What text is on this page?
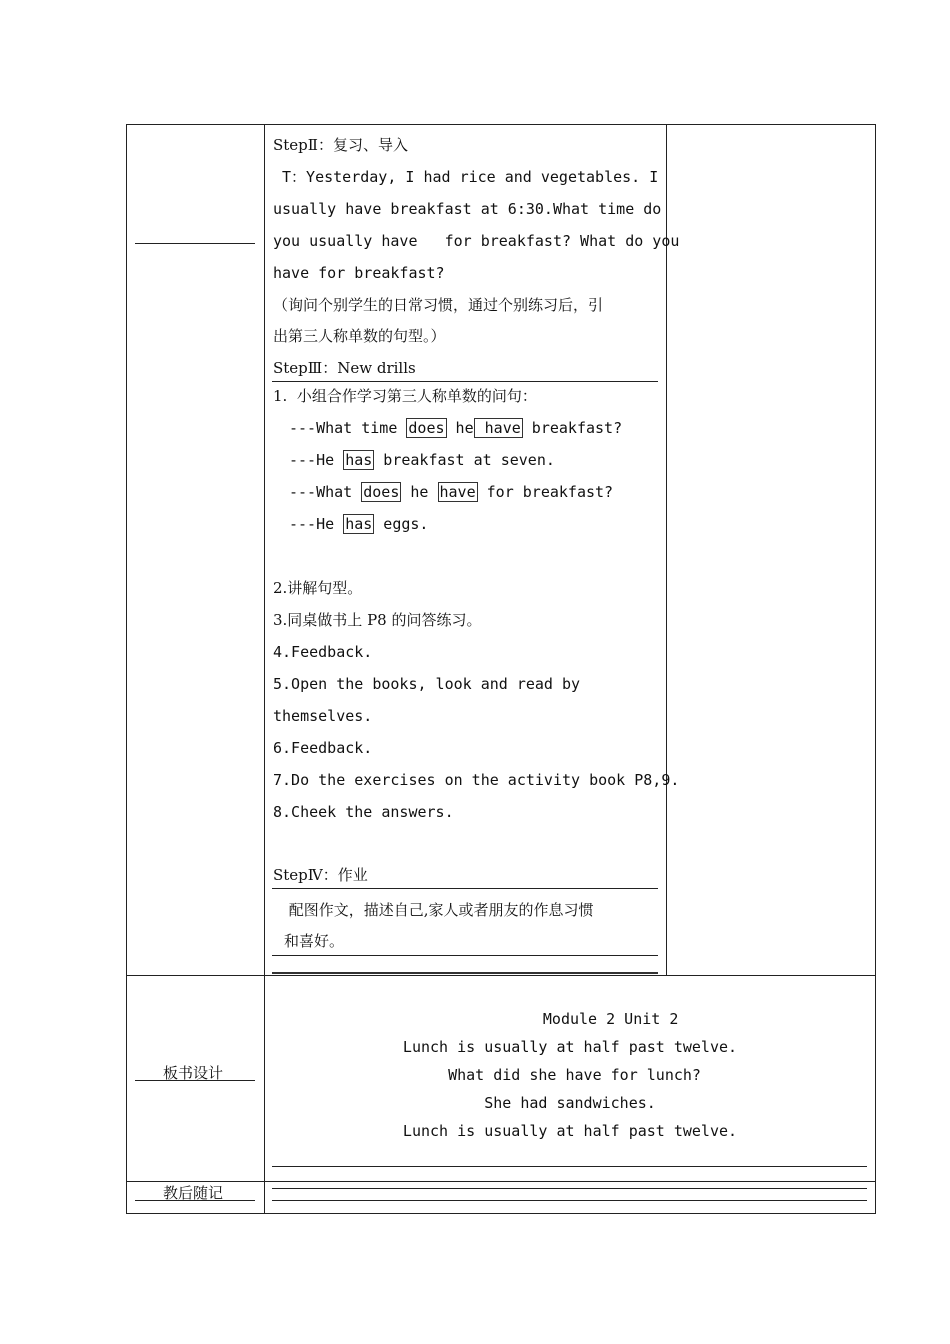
StepⅡ：复习、导入
T：Yesterday, I had rice and vegetables. I
usually have breakfast at 6:30.What time do
you usually have   for breakfast? What do you
have for breakfast?
（询问个别学生的日常习惯，通过个别练习后，引
出第三人称单数的句型。）
StepⅢ：New drills
1.  小组合作学习第三人称单数的问句：
---What time does he have breakfast?
---He has breakfast at seven.
---What does he have for breakfast?
---He has eggs.
2.讲解句型。
3.同桌做书上 P8 的问答练习。
4.Feedback.
5.Open the books, look and read by
themselves.
6.Feedback.
7.Do the exercises on the activity book P8,9.
8.Cheek the answers.
StepⅣ：作业
配图作文，描述自己,家人或者朋友的作息习惯
和喜好。
板书设计
Module 2 Unit 2
Lunch is usually at half past twelve.
What did she have for lunch?
She had sandwiches.
Lunch is usually at half past twelve.
教后随记
